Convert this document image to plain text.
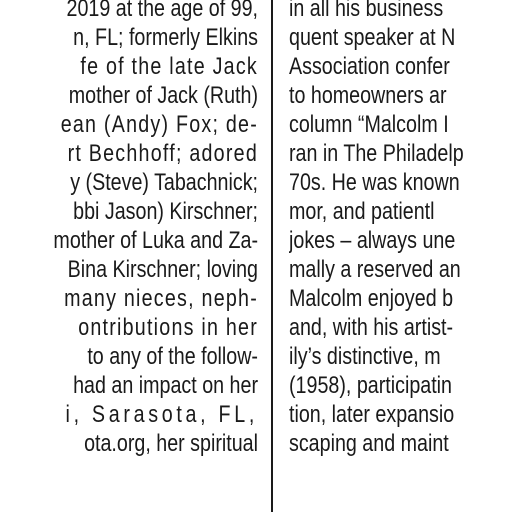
2019 at the age of 99,
n, FL; formerly Elkins
fe of the late Jack
mother of Jack (Ruth)
ean (Andy) Fox; de-
rt Bechhoff; adored
y (Steve) Tabachnick;
bbi Jason) Kirschner;
mother of Luka and Za-
Bina Kirschner; loving
many nieces, neph-
ontributions in her
to any of the follow-
had an impact on her
i, Sarasota, FL,
ota.org, her spiritual
in all his business
quent speaker at N
Association confer
to homeowners ar
column “Malcolm I
ran in The Philadelp
70s. He was known
mor, and patientl
jokes – always une
mally a reserved an
Malcolm enjoyed b
and, with his artist-
ily’s distinctive, m
(1958), participatin
tion, later expansio
scaping and maint
